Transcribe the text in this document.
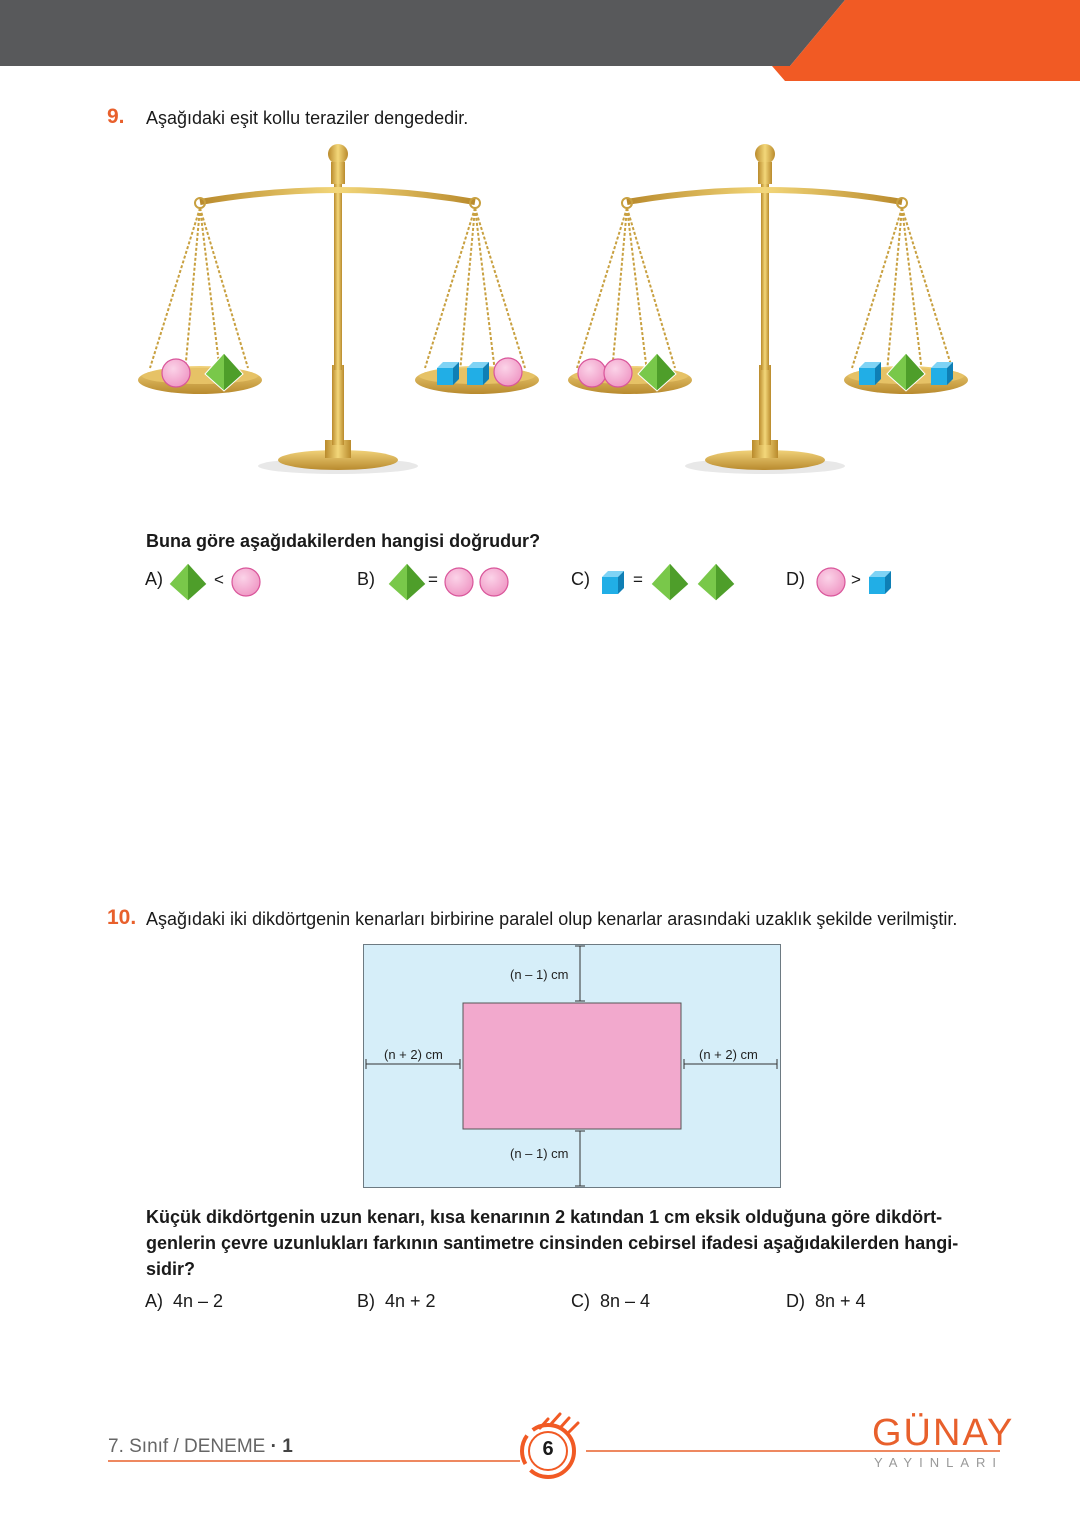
9. Aşağıdaki eşit kollu teraziler dengededir.
Buna göre aşağıdakilerden hangisi doğrudur?
A)	<	B)	=	C)	=	D)	>
10. Aşağıdaki iki dikdörtgenin kenarları birbirine paralel olup kenarlar arasındaki uzaklık şekilde verilmiştir.
(n – 1) cm
(n – 1) cm
(n + 2) cm	(n + 2) cm
Küçük dikdörtgenin uzun kenarı, kısa kenarının 2 katından 1 cm eksik olduğuna göre dikdört-
genlerin çevre uzunlukları farkının santimetre cinsinden cebirsel ifadesi aşağıdakilerden hangi-
sidir?
A) 4n – 2	B) 4n + 2	C) 8n – 4	D) 8n + 4
7. Sınıf / DENEME · 1	6	GÜNAY
YAYINLARI
